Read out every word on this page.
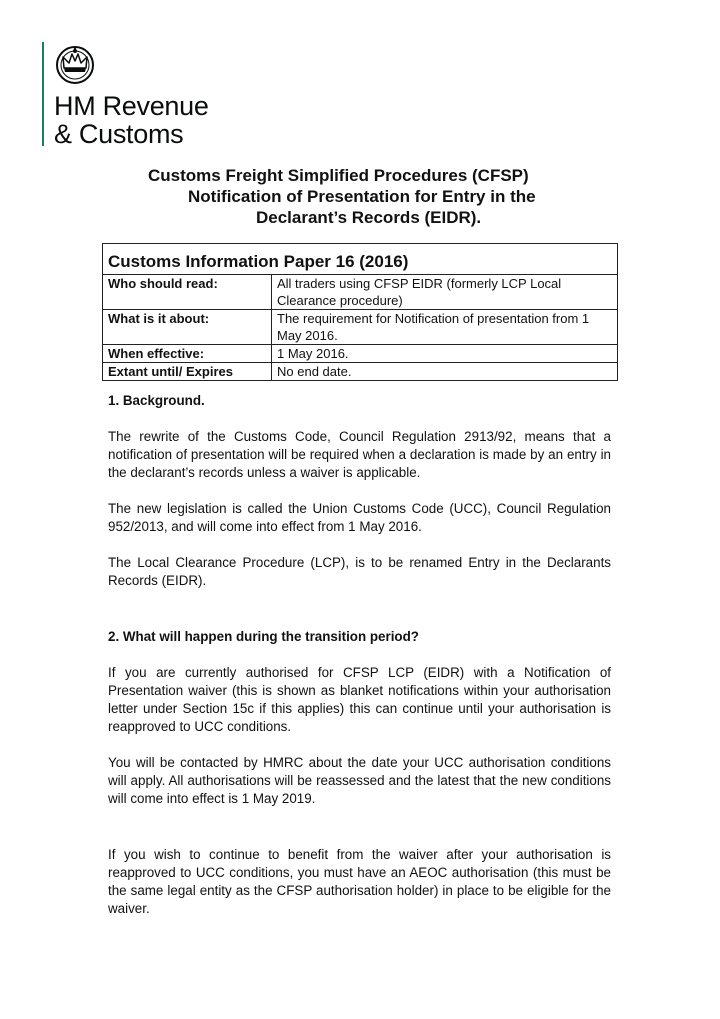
HM Revenue
& Customs
Customs Freight Simplified Procedures (CFSP)
Notification of Presentation for Entry in the
Declarant’s Records (EIDR).
Customs Information Paper 16 (2016)
Who should read:	All traders using CFSP EIDR (formerly LCP Local Clearance procedure)
What is it about:	The requirement for Notification of presentation from 1 May 2016.
When effective:	1 May 2016.
Extant until/ Expires	No end date.
1. Background.

The rewrite of the Customs Code, Council Regulation 2913/92, means that a notification of presentation will be required when a declaration is made by an entry in the declarant’s records unless a waiver is applicable.

The new legislation is called the Union Customs Code (UCC), Council Regulation 952/2013, and will come into effect from 1 May 2016.

The Local Clearance Procedure (LCP), is to be renamed Entry in the Declarants Records (EIDR).

2. What will happen during the transition period?

If you are currently authorised for CFSP LCP (EIDR) with a Notification of Presentation waiver (this is shown as blanket notifications within your authorisation letter under Section 15c if this applies) this can continue until your authorisation is reapproved to UCC conditions.

You will be contacted by HMRC about the date your UCC authorisation conditions will apply. All authorisations will be reassessed and the latest that the new conditions will come into effect is 1 May 2019.

If you wish to continue to benefit from the waiver after your authorisation is reapproved to UCC conditions, you must have an AEOC authorisation (this must be the same legal entity as the CFSP authorisation holder) in place to be eligible for the waiver.
